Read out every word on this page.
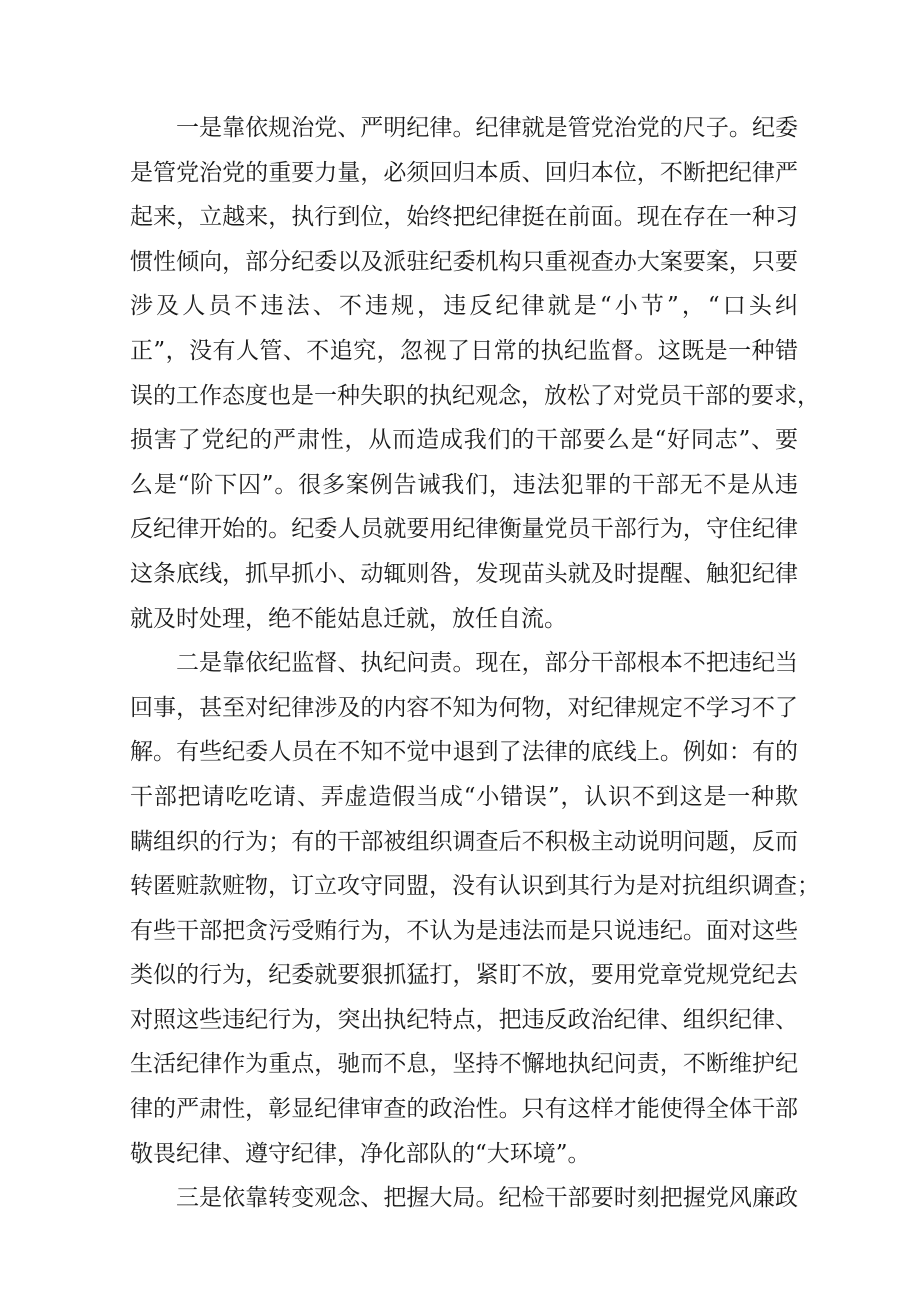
一是靠依规治党、严明纪律。纪律就是管党治党的尺子。纪委
是管党治党的重要力量，必须回归本质、回归本位，不断把纪律严
起来，立越来，执行到位，始终把纪律挺在前面。现在存在一种习
惯性倾向，部分纪委以及派驻纪委机构只重视查办大案要案，只要
涉及人员不违法、不违规，违反纪律就是“小节”，“口头纠
正”，没有人管、不追究，忽视了日常的执纪监督。这既是一种错
误的工作态度也是一种失职的执纪观念，放松了对党员干部的要求，
损害了党纪的严肃性，从而造成我们的干部要么是“好同志”、要
么是“阶下囚”。很多案例告诫我们，违法犯罪的干部无不是从违
反纪律开始的。纪委人员就要用纪律衡量党员干部行为，守住纪律
这条底线，抓早抓小、动辄则咎，发现苗头就及时提醒、触犯纪律
就及时处理，绝不能姑息迁就，放任自流。
二是靠依纪监督、执纪问责。现在，部分干部根本不把违纪当
回事，甚至对纪律涉及的内容不知为何物，对纪律规定不学习不了
解。有些纪委人员在不知不觉中退到了法律的底线上。例如：有的
干部把请吃吃请、弄虚造假当成“小错误”，认识不到这是一种欺
瞒组织的行为；有的干部被组织调查后不积极主动说明问题，反而
转匿赃款赃物，订立攻守同盟，没有认识到其行为是对抗组织调查；
有些干部把贪污受贿行为，不认为是违法而是只说违纪。面对这些
类似的行为，纪委就要狠抓猛打，紧盯不放，要用党章党规党纪去
对照这些违纪行为，突出执纪特点，把违反政治纪律、组织纪律、
生活纪律作为重点，驰而不息，坚持不懈地执纪问责，不断维护纪
律的严肃性，彰显纪律审查的政治性。只有这样才能使得全体干部
敬畏纪律、遵守纪律，净化部队的“大环境”。
三是依靠转变观念、把握大局。纪检干部要时刻把握党风廉政
